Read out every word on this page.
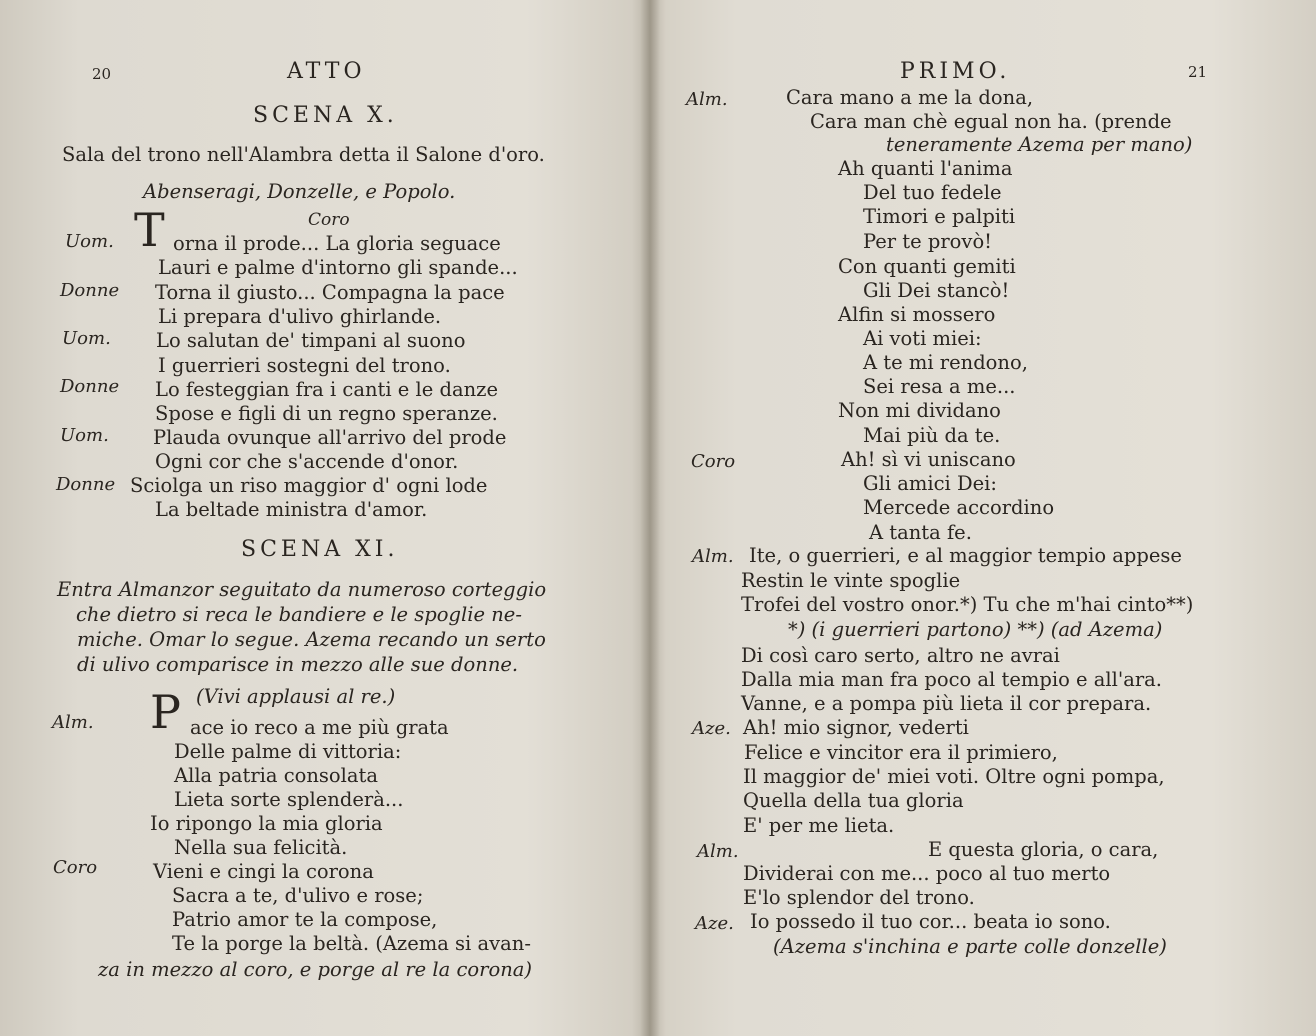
20	ATTO
SCENA X.
Sala del trono nell'Alambra detta il Salone d'oro.
Abenseragi, Donzelle, e Popolo.
Coro
T
Uom.	orna il prode... La gloria seguace
Lauri e palme d'intorno gli spande...
Donne Torna il giusto... Compagna la pace
Li prepara d'ulivo ghirlande.
Uom. Lo salutan de' timpani al suono
I guerrieri sostegni del trono.
Donne Lo festeggian fra i canti e le danze
Spose e figli di un regno speranze.
Uom. Plauda ovunque all'arrivo del prode
Ogni cor che s'accende d'onor.
Donne Sciolga un riso maggior d' ogni lode
La beltade ministra d'amor.
SCENA XI.
Entra Almanzor seguitato da numeroso corteggio
che dietro si reca le bandiere e le spoglie ne-
miche. Omar lo segue. Azema recando un serto
di ulivo comparisce in mezzo alle sue donne.
(Vivi applausi al re.)
P
Alm.	ace io reco a me più grata
Delle palme di vittoria:
Alla patria consolata
Lieta sorte splenderà...
Io ripongo la mia gloria
Nella sua felicità.
Coro	Vieni e cingi la corona
Sacra a te, d'ulivo e rose;
Patrio amor te la compose,
Te la porge la beltà. (Azema si avan-
za in mezzo al coro, e porge al re la corona)
PRIMO.	21
Alm.	Cara mano a me la dona,
Cara man chè egual non ha. (prende
teneramente Azema per mano)
Ah quanti l'anima
Del tuo fedele
Timori e palpiti
Per te provò!
Con quanti gemiti
Gli Dei stancò!
Alfin si mossero
Ai voti miei:
A te mi rendono,
Sei resa a me...
Non mi dividano
Mai più da te.
Coro	Ah! sì vi uniscano
Gli amici Dei:
Mercede accordino
A tanta fe.
Alm. Ite, o guerrieri, e al maggior tempio appese
Restin le vinte spoglie
Trofei del vostro onor.*) Tu che m'hai cinto**)
*) (i guerrieri partono) **) (ad Azema)
Di così caro serto, altro ne avrai
Dalla mia man fra poco al tempio e all'ara.
Vanne, e a pompa più lieta il cor prepara.
Aze. Ah! mio signor, vederti
Felice e vincitor era il primiero,
Il maggior de' miei voti. Oltre ogni pompa,
Quella della tua gloria
E' per me lieta.
Alm.	E questa gloria, o cara,
Dividerai con me... poco al tuo merto
E'lo splendor del trono.
Aze. Io possedo il tuo cor... beata io sono.
(Azema s'inchina e parte colle donzelle)
